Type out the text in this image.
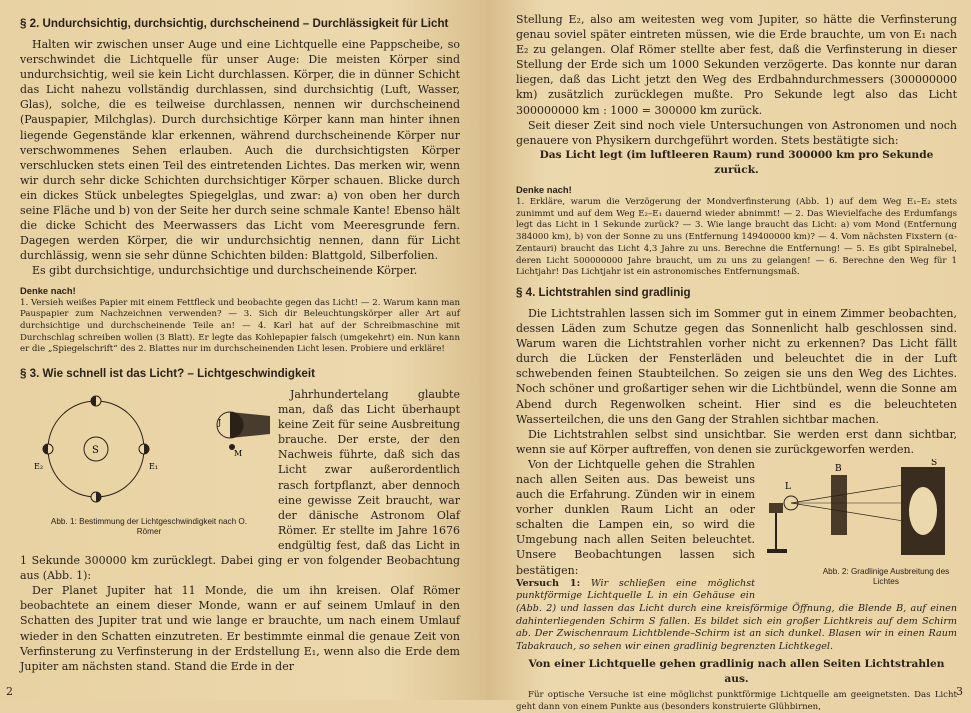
§ 2. Undurchsichtig, durchsichtig, durchscheinend – Durchlässigkeit für Licht

Halten wir zwischen unser Auge und eine Lichtquelle eine Pappscheibe, so verschwindet die Lichtquelle für unser Auge: Die meisten Körper sind undurchsichtig, weil sie kein Licht durchlassen. Körper, die in dünner Schicht das Licht nahezu vollständig durchlassen, sind durchsichtig (Luft, Wasser, Glas), solche, die es teilweise durchlassen, nennen wir durchscheinend (Pauspapier, Milchglas). Durch durchsichtige Körper kann man hinter ihnen liegende Gegenstände klar erkennen, während durchscheinende Körper nur verschwommenes Sehen erlauben. Auch die durchsichtigsten Körper verschlucken stets einen Teil des eintretenden Lichtes. Das merken wir, wenn wir durch sehr dicke Schichten durchsichtiger Körper schauen. Blicke durch ein dickes Stück unbelegtes Spiegelglas, und zwar: a) von oben her durch seine Fläche und b) von der Seite her durch seine schmale Kante! Ebenso hält die dicke Schicht des Meerwassers das Licht vom Meeresgrunde fern. Dagegen werden Körper, die wir undurchsichtig nennen, dann für Licht durchlässig, wenn sie sehr dünne Schichten bilden: Blattgold, Silberfolien.

Es gibt durchsichtige, undurchsichtige und durchscheinende Körper.

Denke nach!

1. Versieh weißes Papier mit einem Fettfleck und beobachte gegen das Licht! — 2. Warum kann man Pauspapier zum Nachzeichnen verwenden? — 3. Sich dir Beleuchtungskörper aller Art auf durchsichtige und durchscheinende Teile an! — 4. Karl hat auf der Schreibmaschine mit Durchschlag schreiben wollen (3 Blatt). Er legte das Kohlepapier falsch (umgekehrt) ein. Nun kann er die „Spiegelschrift“ des 2. Blattes nur im durchscheinenden Licht lesen. Probiere und erkläre!

§ 3. Wie schnell ist das Licht? – Lichtgeschwindigkeit
S
E₂	E₁
J
M
Abb. 1: Bestimmung der Lichtgeschwindigkeit nach O. Römer

Jahrhundertelang glaubte man, daß das Licht überhaupt keine Zeit für seine Ausbreitung brauche. Der erste, der den Nachweis führte, daß sich das Licht zwar außerordentlich rasch fortpflanzt, aber dennoch eine gewisse Zeit braucht, war der dänische Astronom Olaf Römer. Er stellte im Jahre 1676 endgültig fest, daß das Licht in 1 Sekunde 300000 km zurücklegt. Dabei ging er von folgender Beobachtung aus (Abb. 1):

Der Planet Jupiter hat 11 Monde, die um ihn kreisen. Olaf Römer beobachtete an einem dieser Monde, wann er auf seinem Umlauf in den Schatten des Jupiter trat und wie lange er brauchte, um nach einem Umlauf wieder in den Schatten einzutreten. Er bestimmte einmal die genaue Zeit von Verfinsterung zu Verfinsterung in der Erdstellung E₁, wenn also die Erde dem Jupiter am nächsten stand. Stand die Erde in der

2

Stellung E₂, also am weitesten weg vom Jupiter, so hätte die Verfinsterung genau soviel später eintreten müssen, wie die Erde brauchte, um von E₁ nach E₂ zu gelangen. Olaf Römer stellte aber fest, daß die Verfinsterung in dieser Stellung der Erde sich um 1000 Sekunden verzögerte. Das konnte nur daran liegen, daß das Licht jetzt den Weg des Erdbahndurchmessers (300000000 km) zusätzlich zurücklegen mußte. Pro Sekunde legt also das Licht 300000000 km : 1000 = 300000 km zurück.

Seit dieser Zeit sind noch viele Untersuchungen von Astronomen und noch genauere von Physikern durchgeführt worden. Stets bestätigte sich:

Das Licht legt (im luftleeren Raum) rund 300000 km pro Sekunde zurück.

Denke nach!

1. Erkläre, warum die Verzögerung der Mondverfinsterung (Abb. 1) auf dem Weg E₁–E₂ stets zunimmt und auf dem Weg E₂–E₁ dauernd wieder abnimmt! — 2. Das Wievielfache des Erdumfangs legt das Licht in 1 Sekunde zurück? — 3. Wie lange braucht das Licht: a) vom Mond (Entfernung 384000 km), b) von der Sonne zu uns (Entfernung 149400000 km)? — 4. Vom nächsten Fixstern (α-Zentauri) braucht das Licht 4,3 Jahre zu uns. Berechne die Entfernung! — 5. Es gibt Spiralnebel, deren Licht 500000000 Jahre braucht, um zu uns zu gelangen! — 6. Berechne den Weg für 1 Lichtjahr! Das Lichtjahr ist ein astronomisches Entfernungsmaß.

§ 4. Lichtstrahlen sind gradlinig

Die Lichtstrahlen lassen sich im Sommer gut in einem Zimmer beobachten, dessen Läden zum Schutze gegen das Sonnenlicht halb geschlossen sind. Warum waren die Lichtstrahlen vorher nicht zu erkennen? Das Licht fällt durch die Lücken der Fensterläden und beleuchtet die in der Luft schwebenden feinen Staubteilchen. So zeigen sie uns den Weg des Lichtes. Noch schöner und großartiger sehen wir die Lichtbündel, wenn die Sonne am Abend durch Regenwolken scheint. Hier sind es die beleuchteten Wasserteilchen, die uns den Gang der Strahlen sichtbar machen.

Die Lichtstrahlen selbst sind unsichtbar. Sie werden erst dann sichtbar, wenn sie auf Körper auftreffen, von denen sie zurückgeworfen werden.

L
B
S
Abb. 2: Gradlinige Ausbreitung des Lichtes

Von der Lichtquelle gehen die Strahlen nach allen Seiten aus. Das beweist uns auch die Erfahrung. Zünden wir in einem vorher dunklen Raum Licht an oder schalten die Lampen ein, so wird die Umgebung nach allen Seiten beleuchtet. Unsere Beobachtungen lassen sich bestätigen:

Versuch 1: Wir schließen eine möglichst punktförmige Lichtquelle L in ein Gehäuse ein (Abb. 2) und lassen das Licht durch eine kreisförmige Öffnung, die Blende B, auf einen dahinterliegenden Schirm S fallen. Es bildet sich ein großer Lichtkreis auf dem Schirm ab. Der Zwischenraum Lichtblende–Schirm ist an sich dunkel. Blasen wir in einen Raum Tabakrauch, so sehen wir einen gradlinig begrenzten Lichtkegel.

Von einer Lichtquelle gehen gradlinig nach allen Seiten Lichtstrahlen aus.

Für optische Versuche ist eine möglichst punktförmige Lichtquelle am geeignetsten. Das Licht geht dann von einem Punkte aus (besonders konstruierte Glühbirnen,

3
